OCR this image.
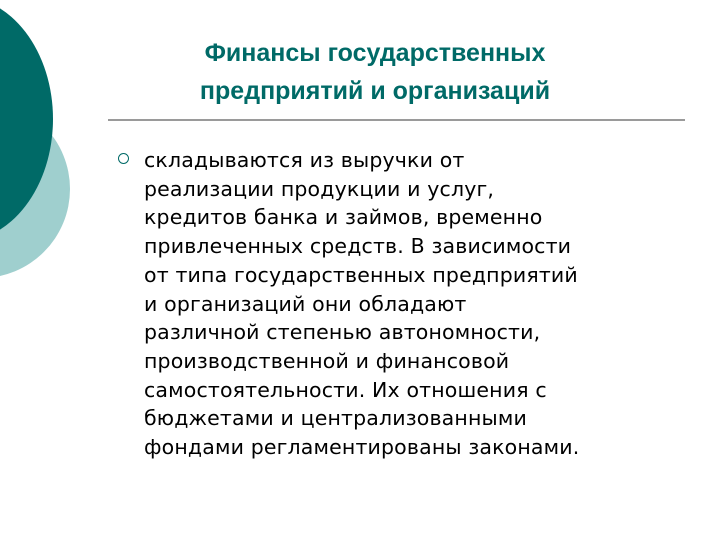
Финансы государственных
предприятий и организаций

складываются из выручки от
реализации продукции и услуг,
кредитов банка и займов, временно
привлеченных средств. В зависимости
от типа государственных предприятий
и организаций они обладают
различной степенью автономности,
производственной и финансовой
самостоятельности. Их отношения с
бюджетами и централизованными
фондами регламентированы законами.
